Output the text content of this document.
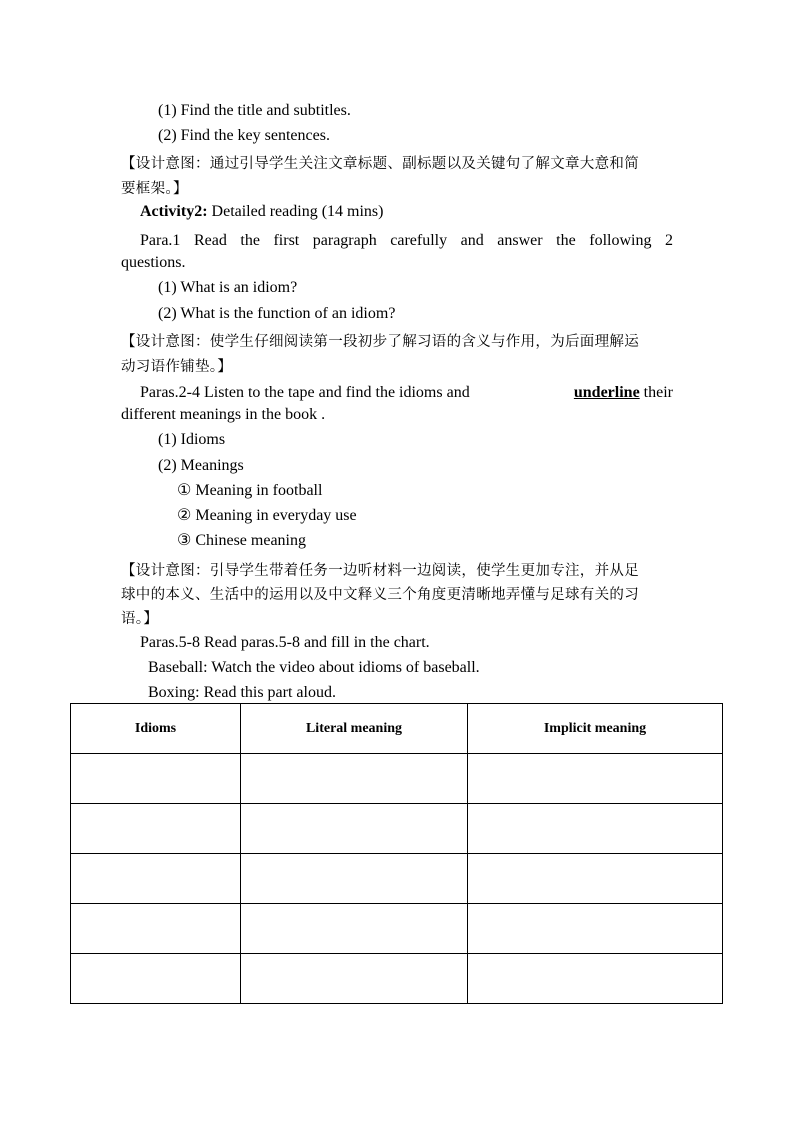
(1) Find the title and subtitles.
(2) Find the key sentences.
【设计意图：通过引导学生关注文章标题、副标题以及关键句了解文章大意和简
要框架。】
Activity2: Detailed reading (14 mins)
Para.1 Read the first paragraph carefully and answer the following 2
questions.
(1) What is an idiom?
(2) What is the function of an idiom?
【设计意图：使学生仔细阅读第一段初步了解习语的含义与作用，为后面理解运
动习语作铺垫。】
Paras.2-4 Listen to the tape and find the idioms and	underline their
different meanings in the book .
(1) Idioms
(2) Meanings
① Meaning in football
② Meaning in everyday use
③ Chinese meaning
【设计意图：引导学生带着任务一边听材料一边阅读，使学生更加专注，并从足
球中的本义、生活中的运用以及中文释义三个角度更清晰地弄懂与足球有关的习
语。】
Paras.5-8 Read paras.5-8 and fill in the chart.
Baseball: Watch the video about idioms of baseball.
Boxing: Read this part aloud.
Idioms	Literal meaning	Implicit meaning
